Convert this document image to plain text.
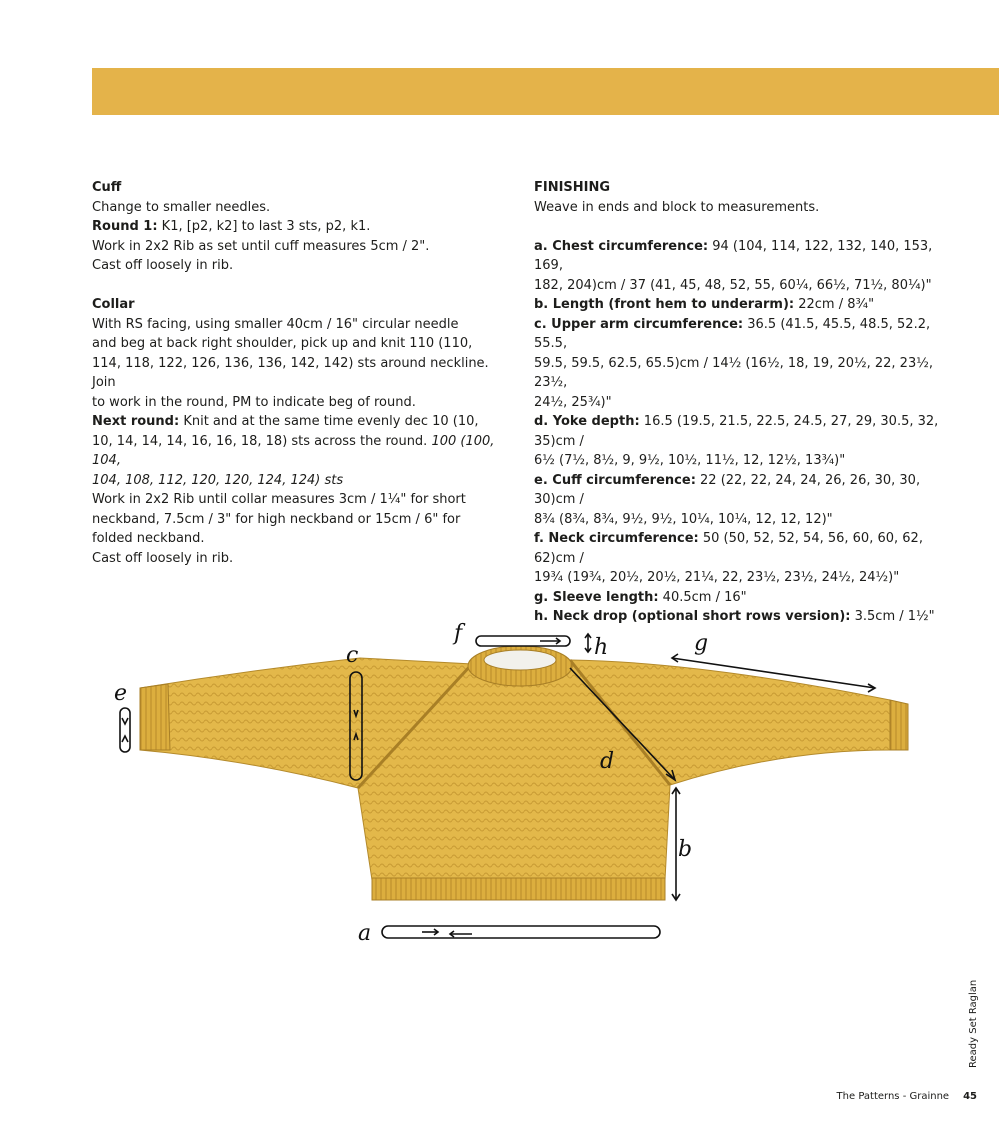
Cuff

Change to smaller needles.

Round 1: K1, [p2, k2] to last 3 sts, p2, k1.

Work in 2x2 Rib as set until cuff measures 5cm / 2".

Cast off loosely in rib.

Collar

With RS facing, using smaller 40cm / 16" circular needle

and beg at back right shoulder, pick up and knit 110 (110,

114, 118, 122, 126, 136, 136, 142, 142) sts around neckline. Join

to work in the round, PM to indicate beg of round.

Next round: Knit and at the same time evenly dec 10 (10,

10, 14, 14, 14, 16, 16, 18, 18) sts across the round. 100 (100, 104,

104, 108, 112, 120, 120, 124, 124) sts

Work in 2x2 Rib until collar measures 3cm / 1¼" for short

neckband, 7.5cm / 3" for high neckband or 15cm / 6" for

folded neckband.

Cast off loosely in rib.

FINISHING

Weave in ends and block to measurements.

a. Chest circumference: 94 (104, 114, 122, 132, 140, 153, 169,

182, 204)cm / 37 (41, 45, 48, 52, 55, 60¼, 66½, 71½, 80¼)"

b. Length (front hem to underarm): 22cm / 8¾"

c. Upper arm circumference: 36.5 (41.5, 45.5, 48.5, 52.2, 55.5,

59.5, 59.5, 62.5, 65.5)cm / 14½ (16½, 18, 19, 20½, 22, 23½, 23½,

24½, 25¾)"

d. Yoke depth: 16.5 (19.5, 21.5, 22.5, 24.5, 27, 29, 30.5, 32, 35)cm /

6½ (7½, 8½, 9, 9½, 10½, 11½, 12, 12½, 13¾)"

e. Cuff circumference: 22 (22, 22, 24, 24, 26, 26, 30, 30, 30)cm /

8¾ (8¾, 8¾, 9½, 9½, 10¼, 10¼, 12, 12, 12)"

f. Neck circumference: 50 (50, 52, 52, 54, 56, 60, 60, 62, 62)cm /

19¾ (19¾, 20½, 20½, 21¼, 22, 23½, 23½, 24½, 24½)"

g. Sleeve length: 40.5cm / 16"

h. Neck drop (optional short rows version): 3.5cm / 1½"

a
b
c
d
e
f	g
h
Ready Set Raglan
The Patterns - Grainne 45
